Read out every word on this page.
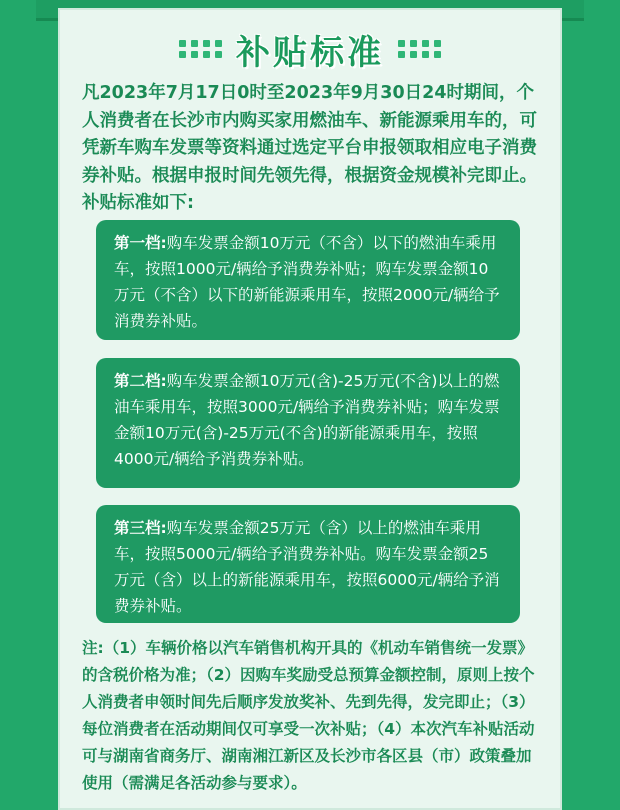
补贴标准

凡2023年7月17日0时至2023年9月30日24时期间，个人消费者在长沙市内购买家用燃油车、新能源乘用车的，可凭新车购车发票等资料通过选定平台申报领取相应电子消费券补贴。根据申报时间先领先得，根据资金规模补完即止。补贴标准如下:

第一档:购车发票金额10万元（不含）以下的燃油车乘用车，按照1000元/辆给予消费券补贴；购车发票金额10万元（不含）以下的新能源乘用车，按照2000元/辆给予消费券补贴。
第二档:购车发票金额10万元(含)-25万元(不含)以上的燃油车乘用车，按照3000元/辆给予消费券补贴；购车发票金额10万元(含)-25万元(不含)的新能源乘用车，按照4000元/辆给予消费券补贴。
第三档:购车发票金额25万元（含）以上的燃油车乘用车，按照5000元/辆给予消费券补贴。购车发票金额25万元（含）以上的新能源乘用车，按照6000元/辆给予消费券补贴。

注:（1）车辆价格以汽车销售机构开具的《机动车销售统一发票》的含税价格为准；（2）因购车奖励受总预算金额控制，原则上按个人消费者申领时间先后顺序发放奖补、先到先得，发完即止；（3）每位消费者在活动期间仅可享受一次补贴；（4）本次汽车补贴活动可与湖南省商务厅、湖南湘江新区及长沙市各区县（市）政策叠加使用（需满足各活动参与要求）。
